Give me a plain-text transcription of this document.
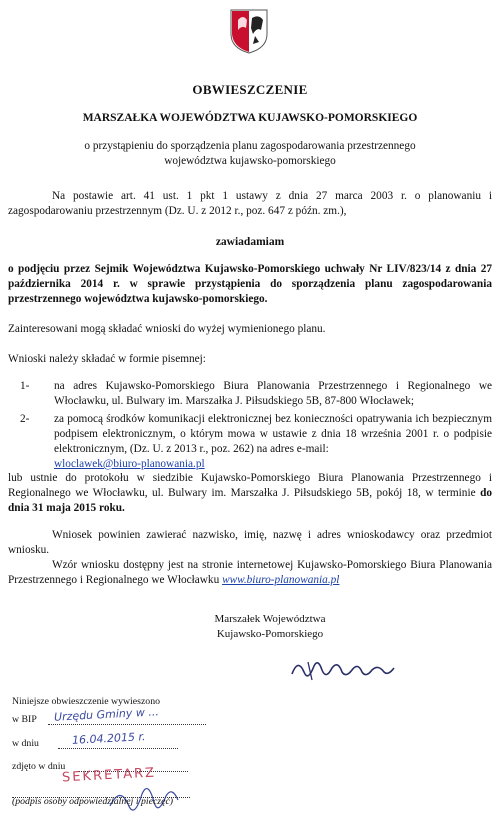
OBWIESZCZENIE
MARSZAŁKA WOJEWÓDZTWA KUJAWSKO-POMORSKIEGO
o przystąpieniu do sporządzenia planu zagospodarowania przestrzennego
województwa kujawsko-pomorskiego
Na postawie art. 41 ust. 1 pkt 1 ustawy z dnia 27 marca 2003 r. o planowaniu i zagospodarowaniu przestrzennym (Dz. U. z 2012 r., poz. 647 z późn. zm.),
zawiadamiam
o podjęciu przez Sejmik Województwa Kujawsko-Pomorskiego uchwały Nr LIV/823/14 z dnia 27 października 2014 r. w sprawie przystąpienia do sporządzenia planu zagospodarowania przestrzennego województwa kujawsko-pomorskiego.
Zainteresowani mogą składać wnioski do wyżej wymienionego planu.
Wnioski należy składać w formie pisemnej:
1- na adres Kujawsko-Pomorskiego Biura Planowania Przestrzennego i Regionalnego we Włocławku, ul. Bulwary im. Marszałka J. Piłsudskiego 5B, 87-800 Włocławek;
2- za pomocą środków komunikacji elektronicznej bez konieczności opatrywania ich bezpiecznym podpisem elektronicznym, o którym mowa w ustawie z dnia 18 września 2001 r. o podpisie elektronicznym, (Dz. U. z 2013 r., poz. 262) na adres e-mail:
wloclawek@biuro-planowania.pl
lub ustnie do protokołu w siedzibie Kujawsko-Pomorskiego Biura Planowania Przestrzennego i Regionalnego we Włocławku, ul. Bulwary im. Marszałka J. Piłsudskiego 5B, pokój 18, w terminie do dnia 31 maja 2015 roku.
Wniosek powinien zawierać nazwisko, imię, nazwę i adres wnioskodawcy oraz przedmiot wniosku.
Wzór wniosku dostępny jest na stronie internetowej Kujawsko-Pomorskiego Biura Planowania Przestrzennego i Regionalnego we Włocławku www.biuro-planowania.pl
Marszałek Województwa
Kujawsko-Pomorskiego
Niniejsze obwieszczenie wywieszono
w BIP Urzędu Gminy w ...
w dniu	16.04.2015 r.
zdjęto w dniu
SEKRETARZ
(podpis osoby odpowiedzialnej i pieczęć)
